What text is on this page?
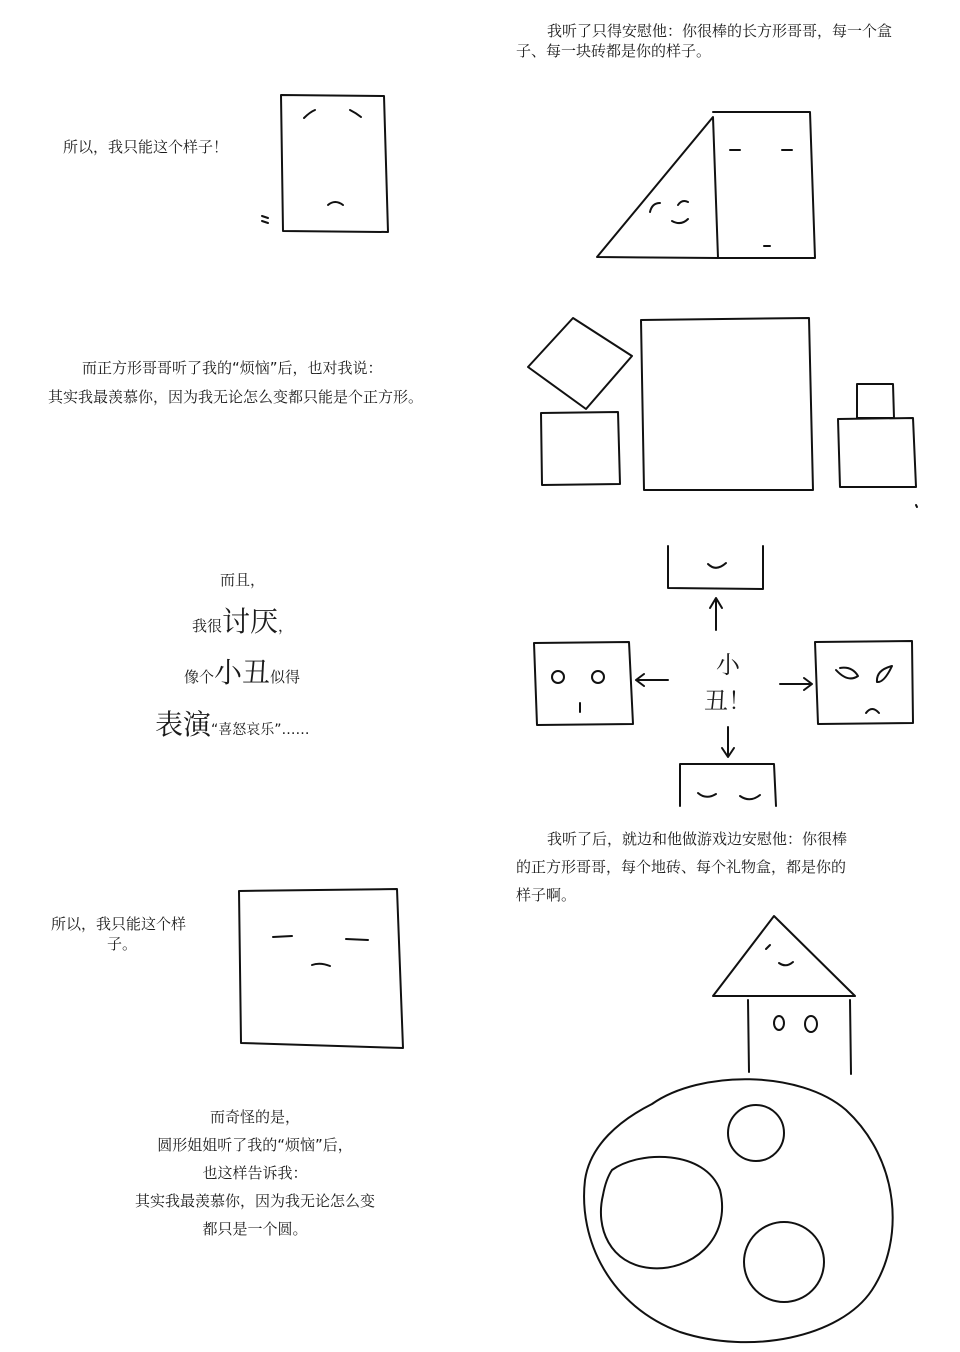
所以，我只能这个样子！
我听了只得安慰他：你很棒的长方形哥哥，每一个盒
子、每一块砖都是你的样子。
而正方形哥哥听了我的“烦恼”后，也对我说：
其实我最羡慕你，因为我无论怎么变都只能是个正方形。
而且，
我很讨厌，
像个小丑似得
表演“喜怒哀乐”……
小
丑！
我听了后，就边和他做游戏边安慰他：你很棒
的正方形哥哥，每个地砖、每个礼物盒，都是你的
样子啊。
所以，我只能这个样
子。
而奇怪的是，
圆形姐姐听了我的“烦恼”后，
也这样告诉我：
其实我最羡慕你，因为我无论怎么变
都只是一个圆。
